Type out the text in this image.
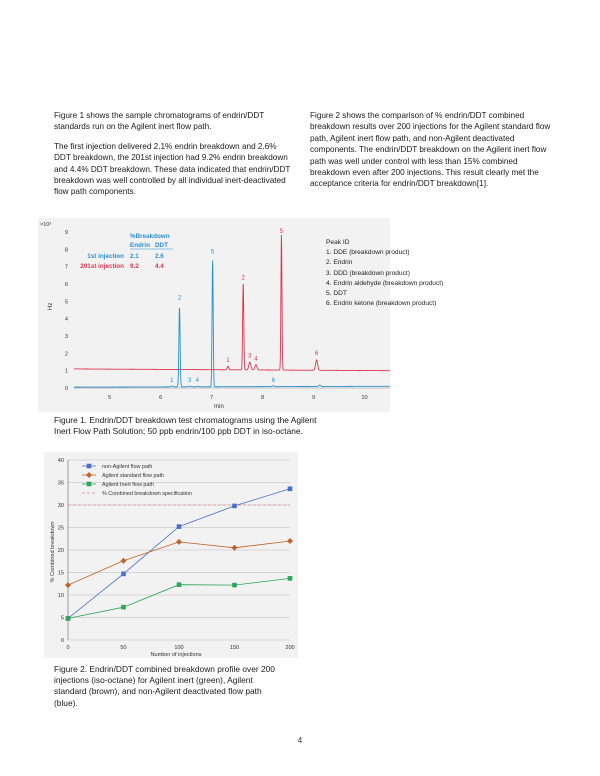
Figure 1 shows the sample chromatograms of endrin/DDT standards run on the Agilent inert flow path.

The first injection delivered 2.1% endrin breakdown and 2.6% DDT breakdown, the 201st injection had 9.2% endrin breakdown and 4.4% DDT breakdown. These data indicated that endrin/DDT breakdown was well controlled by all individual inert-deactivated flow path components.

Figure 2 shows the comparison of % endrin/DDT combined breakdown results over 200 injections for the Agilent standard flow path, Agilent inert flow path, and non-Agilent deactivated components. The endrin/DDT breakdown on the Agilent inert flow path was well under control with less than 15% combined breakdown even after 200 injections. This result clearly met the acceptance criteria for endrin/DDT breakdown[1].

×10³
Hz
0
1
2
3
4
5
6
7
8
9
5	6	7	8	9	10
min
1
2
3 4
5
6
1
2
3 4
5
6
%Breakdown
Endrin DDT
1st injection 2.1	2.6
201st injection 9.2	4.4
Peak ID
1. DDE (breakdown product)
2. Endrin
3. DDD (breakdown product)
4. Endrin aldehyde (breakdown product)
5. DDT
6. Endrin ketone (breakdown product)
Figure 1. Endrin/DDT breakdown test chromatograms using the Agilent Inert Flow Path Solution; 50 ppb endrin/100 ppb DDT in iso-octane.
0
5
10
15
20
25
30
35
40
0	50	100	150	200
% Combined breakdown
Number of injections
non-Agilent flow path
Agilent standard flow path
Agilent Inert flow path
% Combined breakdown specification
Figure 2. Endrin/DDT combined breakdown profile over 200 injections (iso-octane) for Agilent inert (green), Agilent standard (brown), and non-Agilent deactivated flow path (blue).
4
